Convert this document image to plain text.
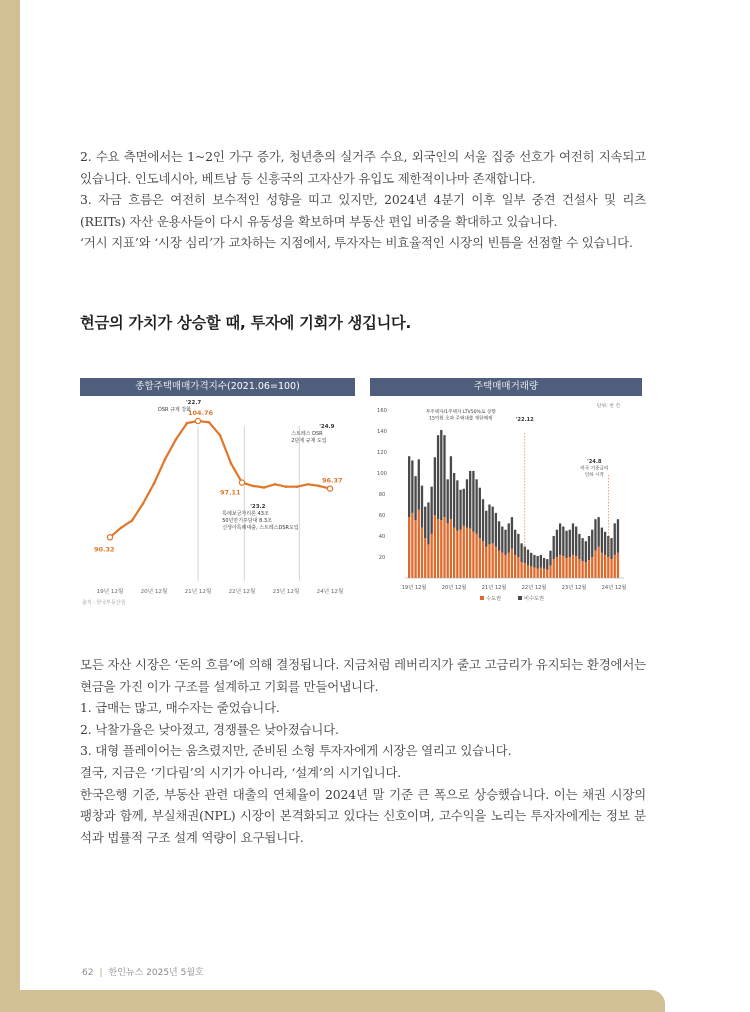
2. 수요 측면에서는 1~2인 가구 증가, 청년층의 실거주 수요, 외국인의 서울 집중 선호가 여전히 지속되고 있습니다. 인도네시아, 베트남 등 신흥국의 고자산가 유입도 제한적이나마 존재합니다.

3. 자금 흐름은 여전히 보수적인 성향을 띠고 있지만, 2024년 4분기 이후 일부 중견 건설사 및 리츠(REITs) 자산 운용사들이 다시 유동성을 확보하며 부동산 편입 비중을 확대하고 있습니다.

‘거시 지표’와 ‘시장 심리’가 교차하는 지점에서, 투자자는 비효율적인 시장의 빈틈을 선점할 수 있습니다.

현금의 가치가 상승할 때, 투자에 기회가 생깁니다.
종합주택매매가격지수(2021.06=100)
90.32
104.76
97.11
96.37
'22.7
DSR 규제 강화
'23.2
특례보금자리론 43조
50년만기주담대 8.3조
신생아특례대출, 스트레스DSR도입
'24.9
스트레스 DSR
2단계 규제 도입
19년 12월	20년 12월	21년 12월	22년 12월	23년 12월	24년 12월
출처 : 한국부동산원
주택매매거래량
단위: 천 건
20
40
60
80
100
120
140
160	무주택자/1주택자 LTV50%로 상향
15억원 초과 주택대출 재한해제	'22.12
'24.8
미국 기준금리
인하 시작
19년 12월	20년 12월	21년 12월	22년 12월	23년 12월	24년 12월
수도권	비수도권

모든 자산 시장은 ‘돈의 흐름’에 의해 결정됩니다. 지금처럼 레버리지가 줄고 고금리가 유지되는 환경에서는 현금을 가진 이가 구조를 설계하고 기회를 만들어냅니다.

1. 급매는 많고, 매수자는 줄었습니다.

2. 낙찰가율은 낮아졌고, 경쟁률은 낮아졌습니다.

3. 대형 플레이어는 움츠렸지만, 준비된 소형 투자자에게 시장은 열리고 있습니다.

결국, 지금은 ‘기다림’의 시기가 아니라, ‘설계’의 시기입니다.

한국은행 기준, 부동산 관련 대출의 연체율이 2024년 말 기준 큰 폭으로 상승했습니다. 이는 채권 시장의 팽창과 함께, 부실채권(NPL) 시장이 본격화되고 있다는 신호이며, 고수익을 노리는 투자자에게는 정보 분석과 법률적 구조 설계 역량이 요구됩니다.

62 | 한인뉴스 2025년 5월호
